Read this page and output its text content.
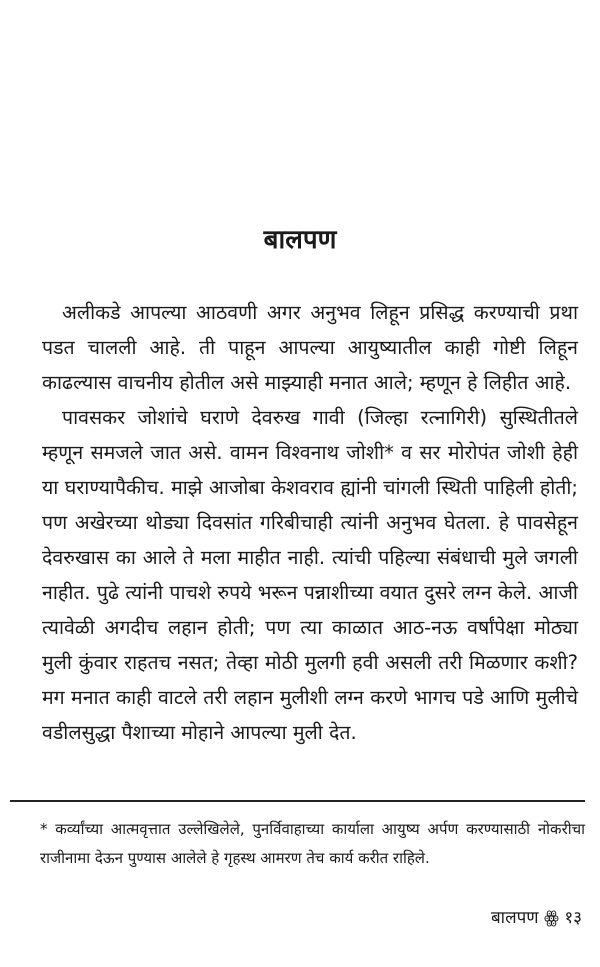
बालपण

अलीकडे आपल्या आठवणी अगर अनुभव लिहून प्रसिद्ध करण्याची प्रथा पडत चालली आहे. ती पाहून आपल्या आयुष्यातील काही गोष्टी लिहून काढल्यास वाचनीय होतील असे माझ्याही मनात आले; म्हणून हे लिहीत आहे.

पावसकर जोशांचे घराणे देवरुख गावी (जिल्हा रत्नागिरी) सुस्थितीतले म्हणून समजले जात असे. वामन विश्वनाथ जोशी* व सर मोरोपंत जोशी हेही या घराण्यापैकीच. माझे आजोबा केशवराव ह्यांनी चांगली स्थिती पाहिली होती; पण अखेरच्या थोड्या दिवसांत गरिबीचाही त्यांनी अनुभव घेतला. हे पावसेहून देवरुखास का आले ते मला माहीत नाही. त्यांची पहिल्या संबंधाची मुले जगली नाहीत. पुढे त्यांनी पाचशे रुपये भरून पन्नाशीच्या वयात दुसरे लग्न केले. आजी त्यावेळी अगदीच लहान होती; पण त्या काळात आठ-नऊ वर्षांपेक्षा मोठ्या मुली कुंवार राहतच नसत; तेव्हा मोठी मुलगी हवी असली तरी मिळणार कशी? मग मनात काही वाटले तरी लहान मुलीशी लग्न करणे भागच पडे आणि मुलीचे वडीलसुद्धा पैशाच्या मोहाने आपल्या मुली देत.

* कर्व्यांच्या आत्मवृत्तात उल्लेखिलेले, पुनर्विवाहाच्या कार्याला आयुष्य अर्पण करण्यासाठी नोकरीचा राजीनामा देऊन पुण्यास आलेले हे गृहस्थ आमरण तेच कार्य करीत राहिले.

बालपण ꙮ १३
